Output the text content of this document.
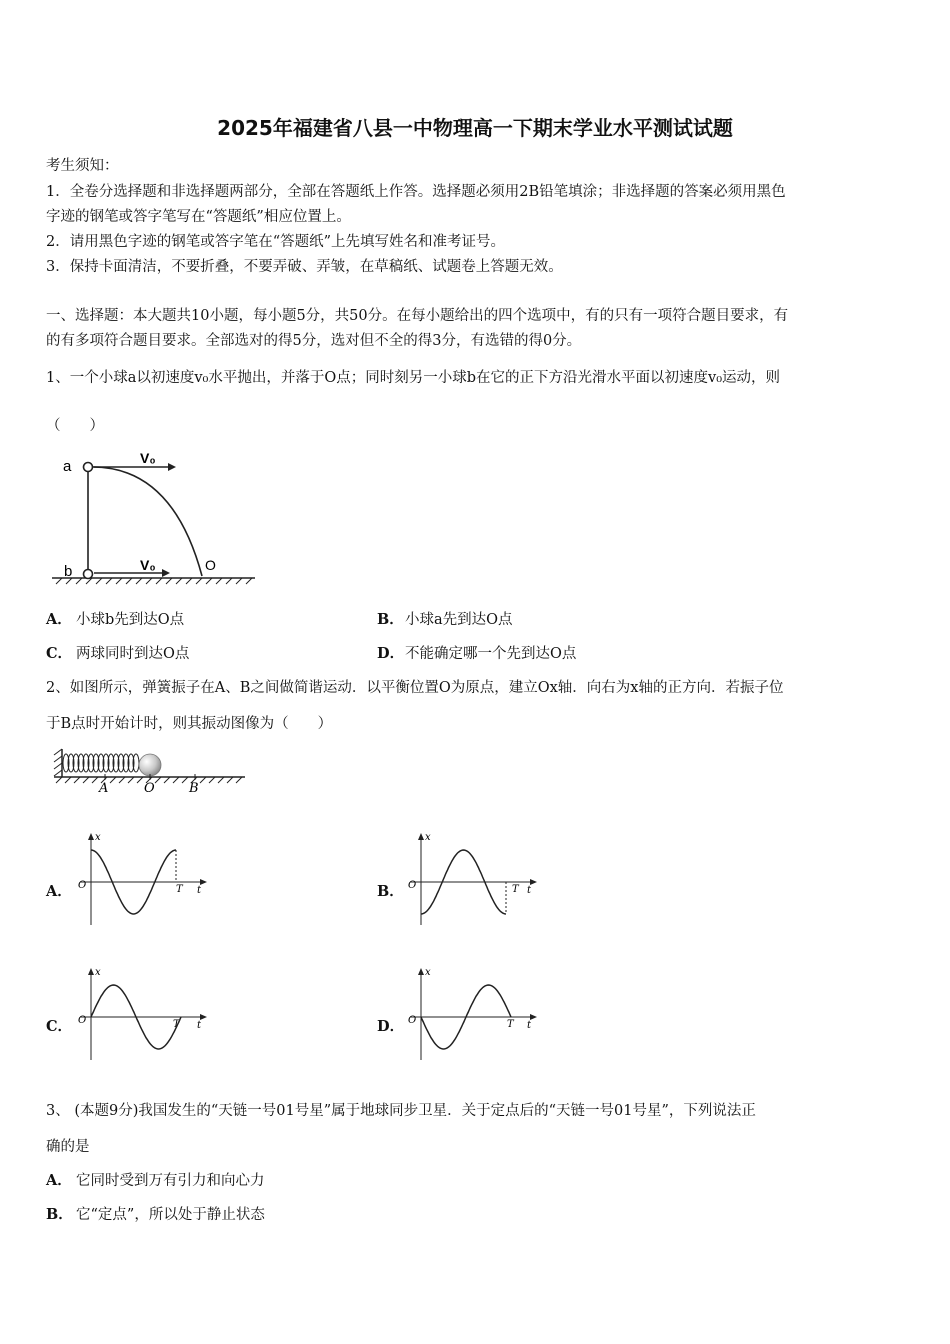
2025年福建省八县一中物理高一下期末学业水平测试试题
考生须知：
1．全卷分选择题和非选择题两部分，全部在答题纸上作答。选择题必须用2B铅笔填涂；非选择题的答案必须用黑色
字迹的钢笔或答字笔写在“答题纸”相应位置上。
2．请用黑色字迹的钢笔或答字笔在“答题纸”上先填写姓名和准考证号。
3．保持卡面清洁，不要折叠，不要弄破、弄皱，在草稿纸、试题卷上答题无效。
一、选择题：本大题共10小题，每小题5分，共50分。在每小题给出的四个选项中，有的只有一项符合题目要求，有
的有多项符合题目要求。全部选对的得5分，选对但不全的得3分，有选错的得0分。
1、一个小球a以初速度v₀水平抛出，并落于O点；同时刻另一小球b在它的正下方沿光滑水平面以初速度v₀运动，则
（　　）
a
b
V₀
V₀	O
A． 小球b先到达O点	B． 小球a先到达O点
C． 两球同时到达O点	D． 不能确定哪一个先到达O点
2、如图所示，弹簧振子在A、B之间做简谐运动．以平衡位置O为原点，建立Ox轴．向右为x轴的正方向．若振子位
于B点时开始计时，则其振动图像为（　　）
A	O	B
A．
x
t
O	T	B．
x
t
O	T
C．
x
t
O	T	D．
x
t
O	T
3、 (本题9分)我国发生的“天链一号01号星”属于地球同步卫星．关于定点后的“天链一号01号星”，下列说法正
确的是
A． 它同时受到万有引力和向心力
B． 它“定点”，所以处于静止状态
